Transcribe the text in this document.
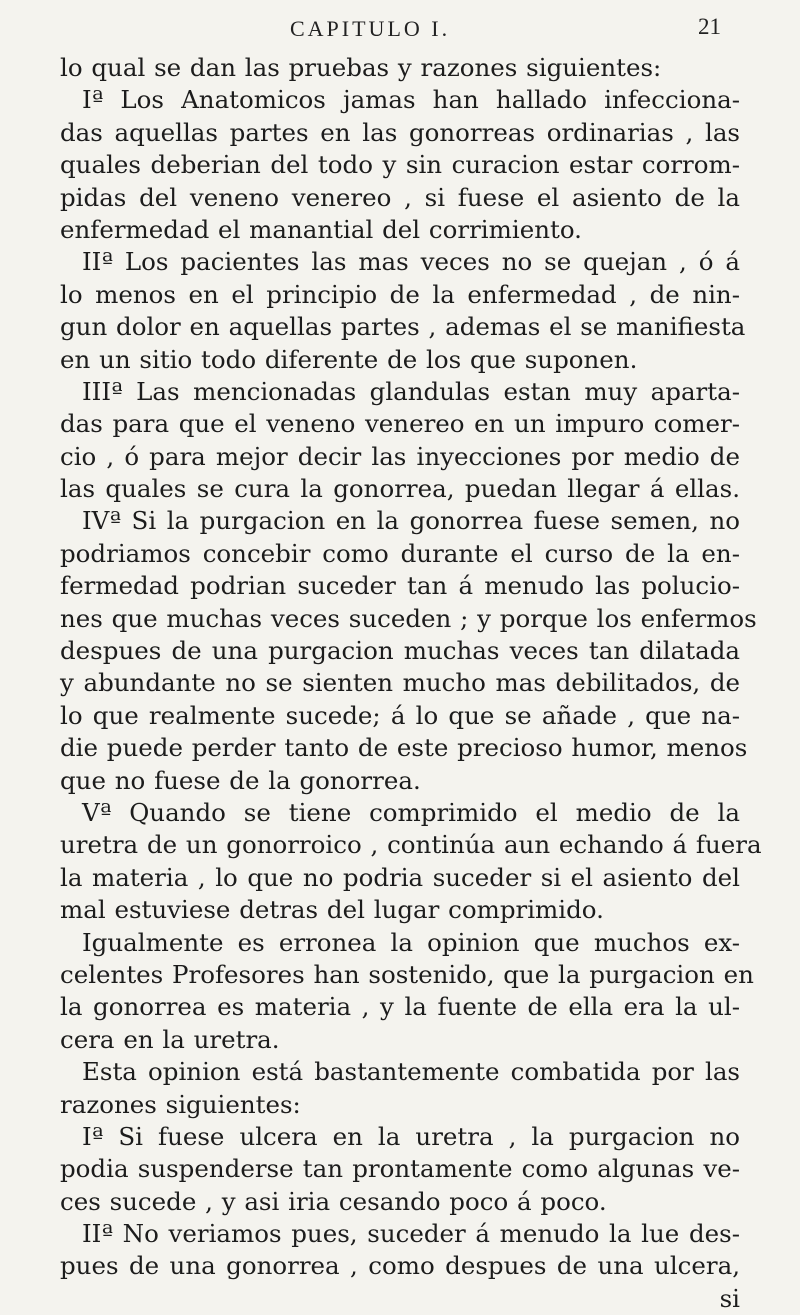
CAPITULO I.	21
lo qual se dan las pruebas y razones siguientes:
Iª Los Anatomicos jamas han hallado infecciona-
das aquellas partes en las gonorreas ordinarias , las
quales deberian del todo y sin curacion estar corrom-
pidas del veneno venereo , si fuese el asiento de la
enfermedad el manantial del corrimiento.
IIª Los pacientes las mas veces no se quejan , ó á
lo menos en el principio de la enfermedad , de nin-
gun dolor en aquellas partes , ademas el se manifiesta
en un sitio todo diferente de los que suponen.
IIIª Las mencionadas glandulas estan muy aparta-
das para que el veneno venereo en un impuro comer-
cio , ó para mejor decir las inyecciones por medio de
las quales se cura la gonorrea, puedan llegar á ellas.
IVª Si la purgacion en la gonorrea fuese semen, no
podriamos concebir como durante el curso de la en-
fermedad podrian suceder tan á menudo las polucio-
nes que muchas veces suceden ; y porque los enfermos
despues de una purgacion muchas veces tan dilatada
y abundante no se sienten mucho mas debilitados, de
lo que realmente sucede; á lo que se añade , que na-
die puede perder tanto de este precioso humor, menos
que no fuese de la gonorrea.
Vª Quando se tiene comprimido el medio de la
uretra de un gonorroico , continúa aun echando á fuera
la materia , lo que no podria suceder si el asiento del
mal estuviese detras del lugar comprimido.
Igualmente es erronea la opinion que muchos ex-
celentes Profesores han sostenido, que la purgacion en
la gonorrea es materia , y la fuente de ella era la ul-
cera en la uretra.
Esta opinion está bastantemente combatida por las
razones siguientes:
Iª Si fuese ulcera en la uretra , la purgacion no
podia suspenderse tan prontamente como algunas ve-
ces sucede , y asi iria cesando poco á poco.
IIª No veriamos pues, suceder á menudo la lue des-
pues de una gonorrea , como despues de una ulcera,
si
